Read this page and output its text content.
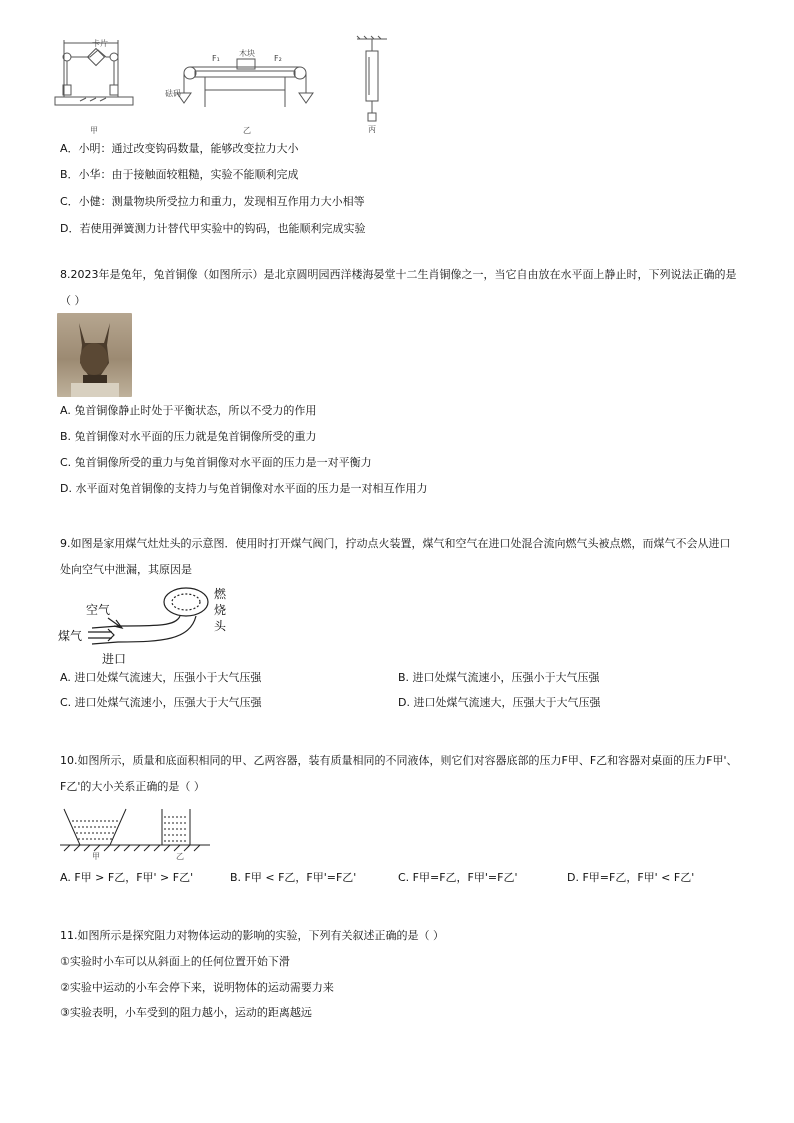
卡片
甲
木块
F₁	F₂
砝码
乙	丙
A．小明：通过改变钩码数量，能够改变拉力大小
B．小华：由于接触面较粗糙，实验不能顺利完成
C．小健：测量物块所受拉力和重力，发现相互作用力大小相等
D．若使用弹簧测力计替代甲实验中的钩码，也能顺利完成实验
8.2023年是兔年，兔首铜像（如图所示）是北京圆明园西洋楼海晏堂十二生肖铜像之一，当它自由放在水平面上静止时，下列说法正确的是
（ ）
A. 兔首铜像静止时处于平衡状态，所以不受力的作用
B. 兔首铜像对水平面的压力就是兔首铜像所受的重力
C. 兔首铜像所受的重力与兔首铜像对水平面的压力是一对平衡力
D. 水平面对兔首铜像的支持力与兔首铜像对水平面的压力是一对相互作用力
9.如图是家用煤气灶灶头的示意图．使用时打开煤气阀门，拧动点火装置，煤气和空气在进口处混合流向燃气头被点燃，而煤气不会从进口
处向空气中泄漏，其原因是
空气
煤气
进口
燃
烧
头
A. 进口处煤气流速大，压强小于大气压强	B. 进口处煤气流速小，压强小于大气压强
C. 进口处煤气流速小，压强大于大气压强	D. 进口处煤气流速大，压强大于大气压强
10.如图所示，质量和底面积相同的甲、乙两容器，装有质量相同的不同液体，则它们对容器底部的压力F甲、F乙和容器对桌面的压力F甲'、
F乙'的大小关系正确的是（ ）
甲	乙
A. F甲 > F乙，F甲' > F乙'	B. F甲 < F乙，F甲'=F乙'	C. F甲=F乙，F甲'=F乙'	D. F甲=F乙，F甲' < F乙'
11.如图所示是探究阻力对物体运动的影响的实验，下列有关叙述正确的是（ ）
①实验时小车可以从斜面上的任何位置开始下滑
②实验中运动的小车会停下来，说明物体的运动需要力来
③实验表明，小车受到的阻力越小，运动的距离越远
